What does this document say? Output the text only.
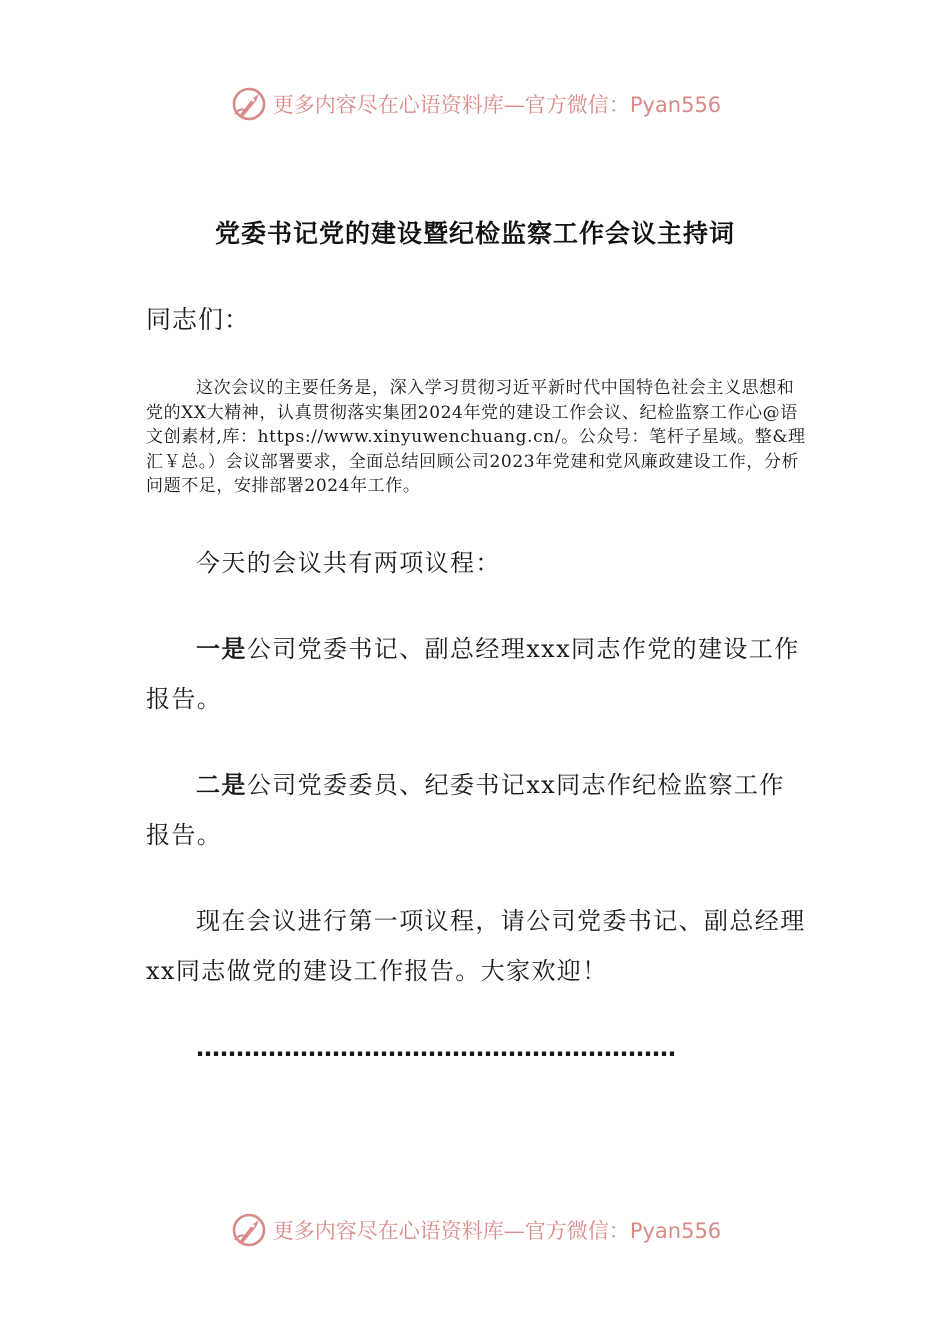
更多内容尽在心语资料库—官方微信：Pyan556
党委书记党的建设暨纪检监察工作会议主持词
同志们：

这次会议的主要任务是，深入学习贯彻习近平新时代中国特色社会主义思想和党的XX大精神，认真贯彻落实集团2024年党的建设工作会议、纪检监察工作心@语文创素材,库：https://www.xinyuwenchuang.cn/。公众号：笔杆子星域。整&理汇￥总。）会议部署要求，全面总结回顾公司2023年党建和党风廉政建设工作，分析问题不足，安排部署2024年工作。

今天的会议共有两项议程：

一是公司党委书记、副总经理xxx同志作党的建设工作报告。

二是公司党委委员、纪委书记xx同志作纪检监察工作报告。

现在会议进行第一项议程，请公司党委书记、副总经理xx同志做党的建设工作报告。大家欢迎！

……………………………………………………
更多内容尽在心语资料库—官方微信：Pyan556
